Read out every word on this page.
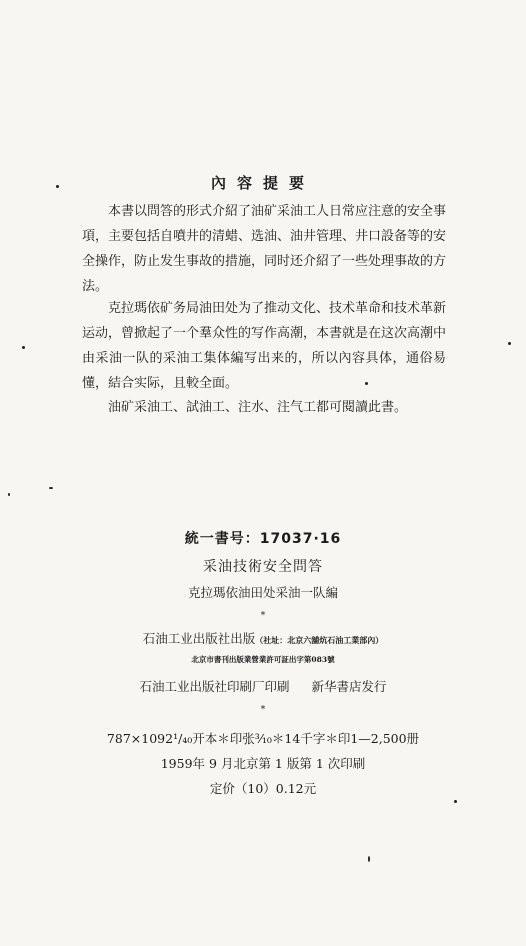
內容提要

本書以問答的形式介紹了油矿采油工人日常应注意的安全事項，主要包括自噴井的清蜡、选油、油井管理、井口設备等的安全操作，防止发生事故的措施，同时还介紹了一些处理事故的方法。

克拉瑪依矿务局油田处为了推动文化、技术革命和技术革新运动，曾掀起了一个羣众性的写作高潮，本書就是在这次高潮中由采油一队的采油工集体編写出来的，所以內容具体，通俗易懂，結合实际，且較全面。

油矿采油工、試油工、注水、注气工都可閱讀此書。

統一書号：17037·16
采油技術安全問答
克拉瑪依油田处采油一队編
*
石油工业出版社出版（社址：北京六舖炕石油工業部內）
北京市書刊出版業營業許可証出字第083號
石油工业出版社印刷厂印刷 新华書店发行
*
787×1092¹/₄₀开本＊印张³⁄₁₀＊14千字＊印1—2,500册
1959年 9 月北京第 1 版第 1 次印刷
定价（10）0.12元
